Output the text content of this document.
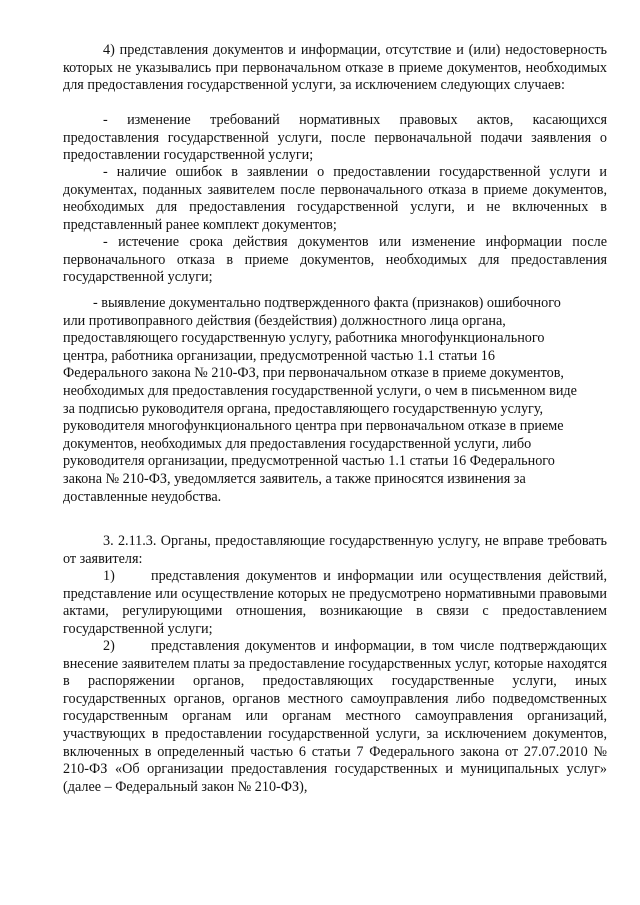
4) представления документов и информации, отсутствие и (или) недостоверность которых не указывались при первоначальном отказе в приеме документов, необходимых для предоставления государственной услуги, за исключением следующих случаев:

- изменение требований нормативных правовых актов, касающихся предоставления государственной услуги, после первоначальной подачи заявления о предоставлении государственной услуги;

- наличие ошибок в заявлении о предоставлении государственной услуги и документах, поданных заявителем после первоначального отказа в приеме документов, необходимых для предоставления государственной услуги, и не включенных в представленный ранее комплект документов;

- истечение срока действия документов или изменение информации после первоначального отказа в приеме документов, необходимых для предоставления государственной услуги;

- выявление документально подтвержденного факта (признаков) ошибочного или противоправного действия (бездействия) должностного лица органа, предоставляющего государственную услугу, работника многофункционального центра, работника организации, предусмотренной частью 1.1 статьи 16 Федерального закона № 210-ФЗ, при первоначальном отказе в приеме документов, необходимых для предоставления государственной услуги, о чем в письменном виде за подписью руководителя органа, предоставляющего государственную услугу, руководителя многофункционального центра при первоначальном отказе в приеме документов, необходимых для предоставления государственной услуги, либо руководителя организации, предусмотренной частью 1.1 статьи 16 Федерального закона № 210-ФЗ, уведомляется заявитель, а также приносятся извинения за доставленные неудобства.

3. 2.11.3. Органы, предоставляющие государственную услугу, не вправе требовать от заявителя:

1)	представления документов и информации или осуществления действий, представление или осуществление которых не предусмотрено нормативными правовыми актами, регулирующими отношения, возникающие в связи с предоставлением государственной услуги;

2)	представления документов и информации, в том числе подтверждающих внесение заявителем платы за предоставление государственных услуг, которые находятся в распоряжении органов, предоставляющих государственные услуги, иных государственных органов, органов местного самоуправления либо подведомственных государственным органам или органам местного самоуправления организаций, участвующих в предоставлении государственной услуги, за исключением документов, включенных в определенный частью 6 статьи 7 Федерального закона от 27.07.2010 № 210-ФЗ «Об организации предоставления государственных и муниципальных услуг» (далее – Федеральный закон № 210-ФЗ),
